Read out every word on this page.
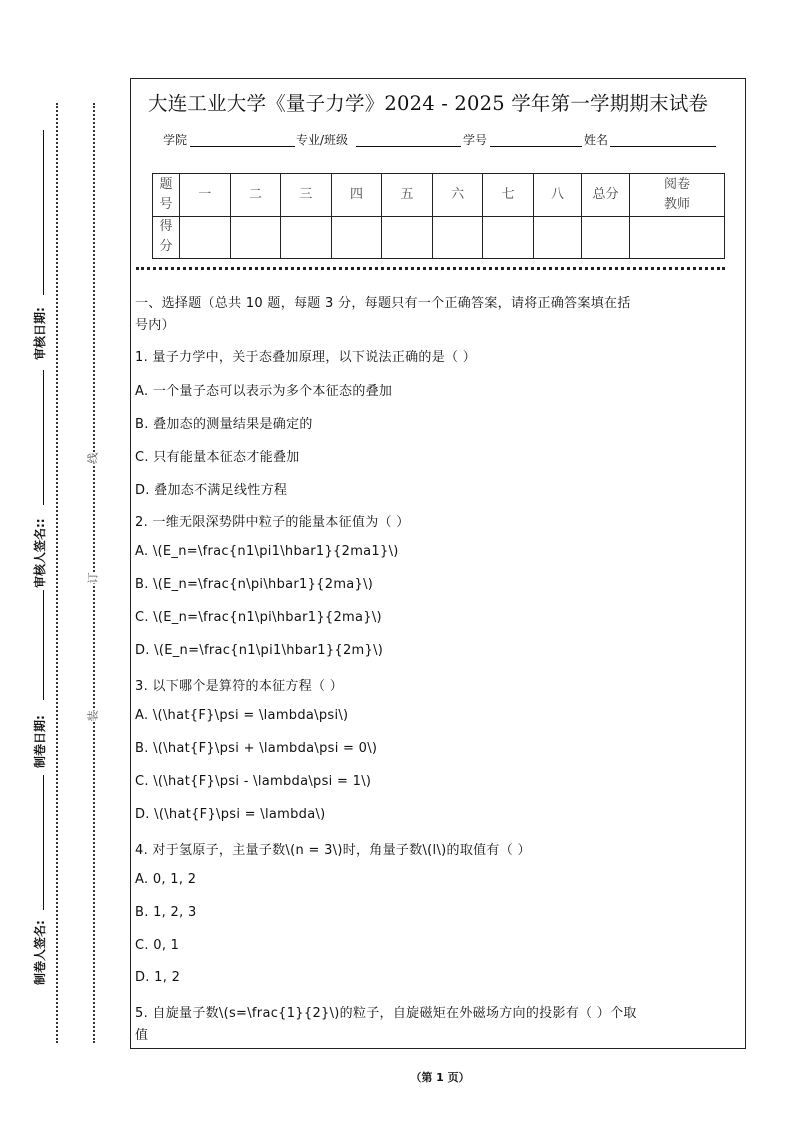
大连工业大学《量子力学》2024 - 2025 学年第一学期期末试卷
学院	专业/班级	学号	姓名
题号	一	二	三	四	五	六	七	八	总分	阅卷教师
得分										
一、选择题（总共 10 题，每题 3 分，每题只有一个正确答案，请将正确答案填在括
号内）
1. 量子力学中，关于态叠加原理，以下说法正确的是（ ）
A. 一个量子态可以表示为多个本征态的叠加
B. 叠加态的测量结果是确定的
C. 只有能量本征态才能叠加
D. 叠加态不满足线性方程
2. 一维无限深势阱中粒子的能量本征值为（ ）
A. \(E_n=\frac{n1\pi1\hbar1}{2ma1}\)
B. \(E_n=\frac{n\pi\hbar1}{2ma}\)
C. \(E_n=\frac{n1\pi\hbar1}{2ma}\)
D. \(E_n=\frac{n1\pi1\hbar1}{2m}\)
3. 以下哪个是算符的本征方程（ ）
A. \(\hat{F}\psi = \lambda\psi\)
B. \(\hat{F}\psi + \lambda\psi = 0\)
C. \(\hat{F}\psi - \lambda\psi = 1\)
D. \(\hat{F}\psi = \lambda\)
4. 对于氢原子，主量子数\(n = 3\)时，角量子数\(l\)的取值有（ ）
A. 0, 1, 2
B. 1, 2, 3
C. 0, 1
D. 1, 2
5. 自旋量子数\(s=\frac{1}{2}\)的粒子，自旋磁矩在外磁场方向的投影有（ ）个取
值
审核日期:
审核人签名::
制卷日期:
制卷人签名:
线
订
装
（第 1 页）
